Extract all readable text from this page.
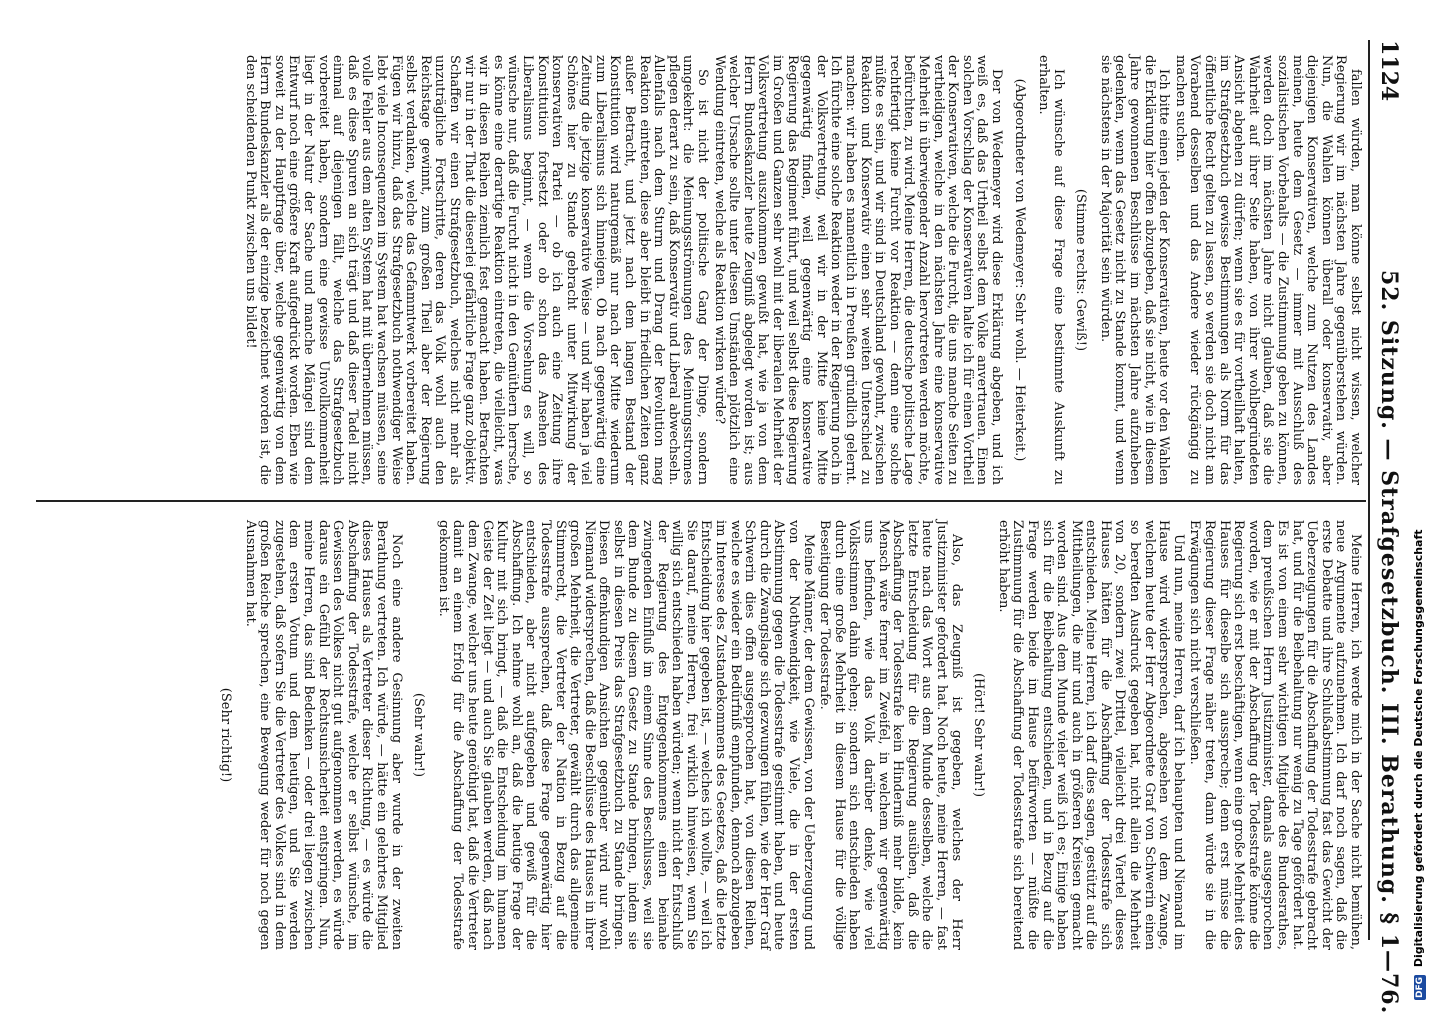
1124
52. Sitzung. — Strafgesetzbuch. III. Berathung. § 1—76.

fallen würden, man könne selbst nicht wissen, welcher Regierung wir im nächsten Jahre gegenüberstehen würden. Nun, die Wahlen können überall oder konservativ, aber diejenigen Konservativen, welche zum Nutzen des Landes meinen, heute dem Gesetz — immer mit Ausschluß des sozialistischen Vorbehalts — die Zustimmung geben zu können, werden doch im nächsten Jahre nicht glauben, daß sie die Wahrheit auf ihrer Seite haben, von ihrer wohlbegründeten Ansicht abgehen zu dürfen; wenn sie es für vortheilhaft halten, im Strafgesetzbuch gewisse Bestimmungen als Norm für das öffentliche Recht gelten zu lassen, so werden sie doch nicht am Vorabend desselben und das Andere wieder rückgängig zu machen suchen.

Ich bitte einen jeden der Konservativen, heute vor den Wahlen die Erklärung hier offen abzugeben, daß sie nicht, wie in diesem Jahre gewonnenen Beschlüsse im nächsten Jahre aufzuheben gedenken, wenn das Gesetz nicht zu Stande kommt, und wenn sie nächstens in der Majorität sein würden.

(Stimme rechts: Gewiß!)

Ich wünsche auf diese Frage eine bestimmte Auskunft zu erhalten.

(Abgeordneter von Wedemeyer: Sehr wohl. — Heiterkeit.)

Der von Wedemeyer wird diese Erklärung abgeben, und ich weiß es, daß das Urtheil selbst dem Volke anvertrauen. Einen solchen Vorschlag der Konservativen halte ich für einen Vortheil der Konservativen, welche die Furcht, die uns manche Seiten zu vertheidigen, welche in den nächsten Jahre eine konservative Mehrheit in überwiegender Anzahl hervortreten werden möchte, befürchten, zu wird. Meine Herren, die deutsche politische Lage rechtfertigt keine Furcht vor Reaktion — denn eine solche müßte es sein, und wir sind in Deutschland gewohnt, zwischen Reaktion und Konservativ einen sehr weiten Unterschied zu machen: wir haben es namentlich in Preußen gründlich gelernt. Ich fürchte eine solche Reaktion weder in der Regierung noch in der Volksvertretung, weil wir in der Mitte keine Mitte gegenwärtig finden, weil gegenwärtig eine konservative Regierung das Regiment führt, und weil selbst diese Regierung im Großen und Ganzen sehr wohl mit der liberalen Mehrheit der Volksvertretung auszukommen gewußt hat, wie ja von dem Herrn Bundeskanzler heute Zeugniß abgelegt worden ist; aus welcher Ursache sollte unter diesen Umständen plötzlich eine Wendung eintreten, welche als Reaktion wirken würde?

So ist nicht der politische Gang der Dinge, sondern umgekehrt: die Meinungsströmungen des Meinungsstromes pflegen derart zu sein, daß Konservativ und Liberal abwechseln. Allenfalls nach dem Sturm und Drang der Revolution mag Reaktion eintreten, diese aber bleibt in friedlichen Zeiten ganz außer Betracht, und jetzt nach dem langen Bestand der Konstitution wird naturgemäß nur nach der Mitte wiederum zum Liberalismus sich hinneigen. Ob nach gegenwärtig eine Zeitung die jetzige konservative Weise — und wir haben ja viel Schönes hier zu Stande gebracht unter Mitwirkung der konservativen Partei — ob ich auch eine Zeitung ihre Konstitution fortsetzt oder ob schon das Ansehen des Liberalismus beginnt, — wenn die Vorsehung es will, so wünsche nur, daß die Furcht nicht in den Gemüthern herrsche, es könne eine derartige Reaktion eintreten, die vielleicht, was wir in diesen Reihen ziemlich fest gemacht haben. Betrachten wir nur in der That die dieserlei gefährliche Frage ganz objektiv. Schaffen wir einen Strafgesetzbuch, welches nicht mehr als unzuträgliche Fortschritte, deren das Volk wohl auch den Reichstage gewinnt, zum großen Theil aber der Regierung selbst verdanken, welche das Gefammtwerk vorbereitet haben. Fügen wir hinzu, daß das Strafgesetzbuch nothwendiger Weise lebt viele Inconsequenzen im System hat wachsen müssen, seine volle Fehler aus dem alten System hat mit übernehmen müssen, daß es diese Spuren an sich trägt und daß dieser Tadel nicht einmal auf diejenigen fällt, welche das Strafgesetzbuch vorbereitet haben, sondern eine gewisse Unvollkommenheit liegt in der Natur der Sache und manche Mängel sind dem Entwurf noch eine größere Kraft aufgedrückt worden. Eben wie soweit zu der Hauptfrage über, welche gegenwärtig von dem Herrn Bundeskanzler als der einzige bezeichnet worden ist, die den scheidenden Punkt zwischen uns bildet!

Meine Herren, ich werde mich in der Sache nicht bemühen, neue Argumente aufzunehmen. Ich darf noch sagen, daß die erste Debatte und ihre Schlußabstimmung fast das Gewicht der Ueberzeugungen für die Abschaffung der Todesstrafe gebracht hat, und für die Beibehaltung nur wenig zu Tage gefördert hat. Es ist von einem sehr wichtigen Mitgliede des Bundesrathes, dem preußischen Herrn Justizminister, damals ausgesprochen worden, wie er mit der Abschaffung der Todesstrafe könne die Regierung sich erst beschäftigen, wenn eine große Mehrheit des Hauses für dieselbe sich ausspreche; denn erst müsse die Regierung dieser Frage näher treten, dann würde sie in die Erwägungen sich nicht verschließen.

Und nun, meine Herren, darf ich behaupten und Niemand im Hause wird widersprechen, abgesehen von dem Zwange, welchem heute der Herr Abgeordnete Graf von Schwerin einen so beredten Ausdruck gegeben hat, nicht allein die Mehrheit von 20, sondern zwei Drittel, vielleicht drei Viertel dieses Hauses hätten für die Abschaffung der Todesstrafe sich entschieden. Meine Herren, ich darf dies sagen, gestützt auf die Mittheilungen, die mir und auch in größeren Kreisen gemacht worden sind. Aus dem Munde vieler weiß ich es; Einige haben sich für die Beibehaltung entschieden, und in Bezug auf die Frage werden beide im Hause befürworten — müßte die Zustimmung für die Abschaffung der Todesstrafe sich bereitend erhöht haben.

(Hört! Sehr wahr!)

Also, das Zeugniß ist gegeben, welches der Herr Justizminister gefordert hat. Noch heute, meine Herren, — fast heute nach das Wort aus dem Munde desselben, welche die letzte Entscheidung für die Regierung ausüben, daß die Abschaffung der Todesstrafe kein Hinderniß mehr bilde, kein Mensch wäre ferner im Zweifel, in welchem wir gegenwärtig uns befinden, wie das Volk darüber denke, wie viel Volksstimmen dahin gehen; sondern sich entschieden haben durch eine große Mehrheit in diesem Hause für die völlige Beseitigung der Todesstrafe.

Meine Männer, der dem Gewissen, von der Ueberzeugung und von der Nothwendigkeit, wie Viele, die in der ersten Abstimmung gegen die Todesstrafe gestimmt haben, und heute durch die Zwangslage sich gezwungen fühlen, wie der Herr Graf Schwerin dies offen ausgesprochen hat, von diesen Reihen, welche es wieder ein Bedürfniß empfunden, dennoch abzugeben im Interesse des Zustandekommens des Gesetzes, daß die letzte Entscheidung hier gegeben ist, — welches ich wollte, — weil ich Sie darauf, meine Herren, frei wirklich hinweisen, wenn Sie willig sich entschieden haben würden; wenn nicht der Entschluß der Regierung des Entgegenkommens einen beinahe zwingenden Einfluß im einem Sinne des Beschlusses, weil sie dem Bunde zu diesem Gesetz zu Stande bringen, indem sie selbst in diesen Preis das Strafgesetzbuch zu Stande bringen. Diesen offenkundigen Ansichten gegenüber wird nur wohl Niemand widersprechen, daß die Beschlüsse des Hauses in ihrer großen Mehrheit, die Vertreter, gewählt durch das allgemeine Stimmrecht, die Vertreter der Nation in Bezug auf die Todesstrafe aussprechen, daß diese Frage gegenwärtig hier entschieden, aber nicht aufgegeben und gewiß für die Abschaffung. Ich nehme wohl an, daß die heutige Frage der Kultur mit sich bringt, — daß die Entscheidung im humanen Geiste der Zeit liegt — und auch Sie glauben werden, daß nach dem Zwange, welcher uns heute genöthigt hat, daß die Vertreter damit an einem Erfolg für die Abschaffung der Todesstrafe gekommen ist.

(Sehr wahr!)

Noch eine andere Gesinnung aber wurde in der zweiten Berathung vertreten. Ich würde, — hätte ein gelehrtes Mitglied dieses Hauses als Vertreter dieser Richtung, — es würde die Abschaffung der Todesstrafe, welche er selbst wünsche, im Gewissen des Volkes nicht gut aufgenommen werden, es würde daraus ein Gefühl der Rechtsunsicherheit entspringen. Nun, meine Herren, das sind Bedenken — oder drei liegen zwischen dem ersten Votum und dem heutigen, und Sie werden zugestehen, daß sofern Sie die Vertreter des Volkes sind in dem großen Reiche sprechen, eine Bewegung weder für noch gegen Ausnahmen hat.

(Sehr richtig!)

DFG Digitalisierung gefördert durch die Deutsche Forschungsgemeinschaft
